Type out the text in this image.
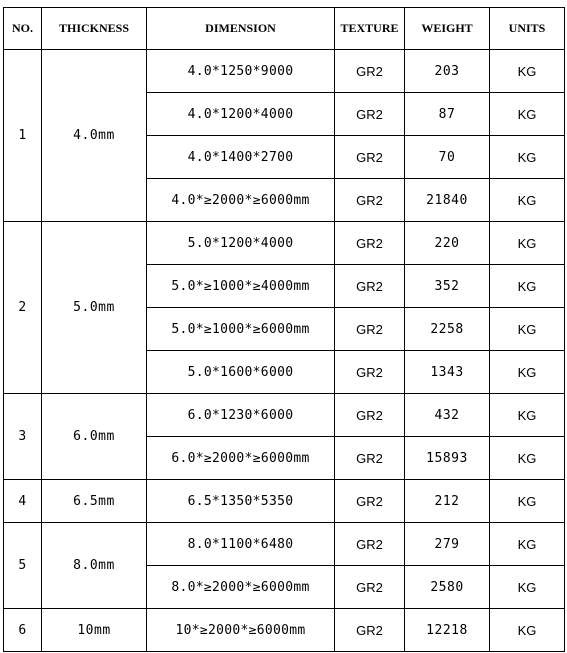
NO.	THICKNESS	DIMENSION	TEXTURE	WEIGHT	UNITS
1	4.0mm	4.0*1250*9000	GR2	203	KG
		4.0*1200*4000	GR2	87	KG
		4.0*1400*2700	GR2	70	KG
		4.0*≥2000*≥6000mm	GR2	21840	KG
2	5.0mm	5.0*1200*4000	GR2	220	KG
		5.0*≥1000*≥4000mm	GR2	352	KG
		5.0*≥1000*≥6000mm	GR2	2258	KG
		5.0*1600*6000	GR2	1343	KG
3	6.0mm	6.0*1230*6000	GR2	432	KG
		6.0*≥2000*≥6000mm	GR2	15893	KG
4	6.5mm	6.5*1350*5350	GR2	212	KG
5	8.0mm	8.0*1100*6480	GR2	279	KG
		8.0*≥2000*≥6000mm	GR2	2580	KG
6	10mm	10*≥2000*≥6000mm	GR2	12218	KG
